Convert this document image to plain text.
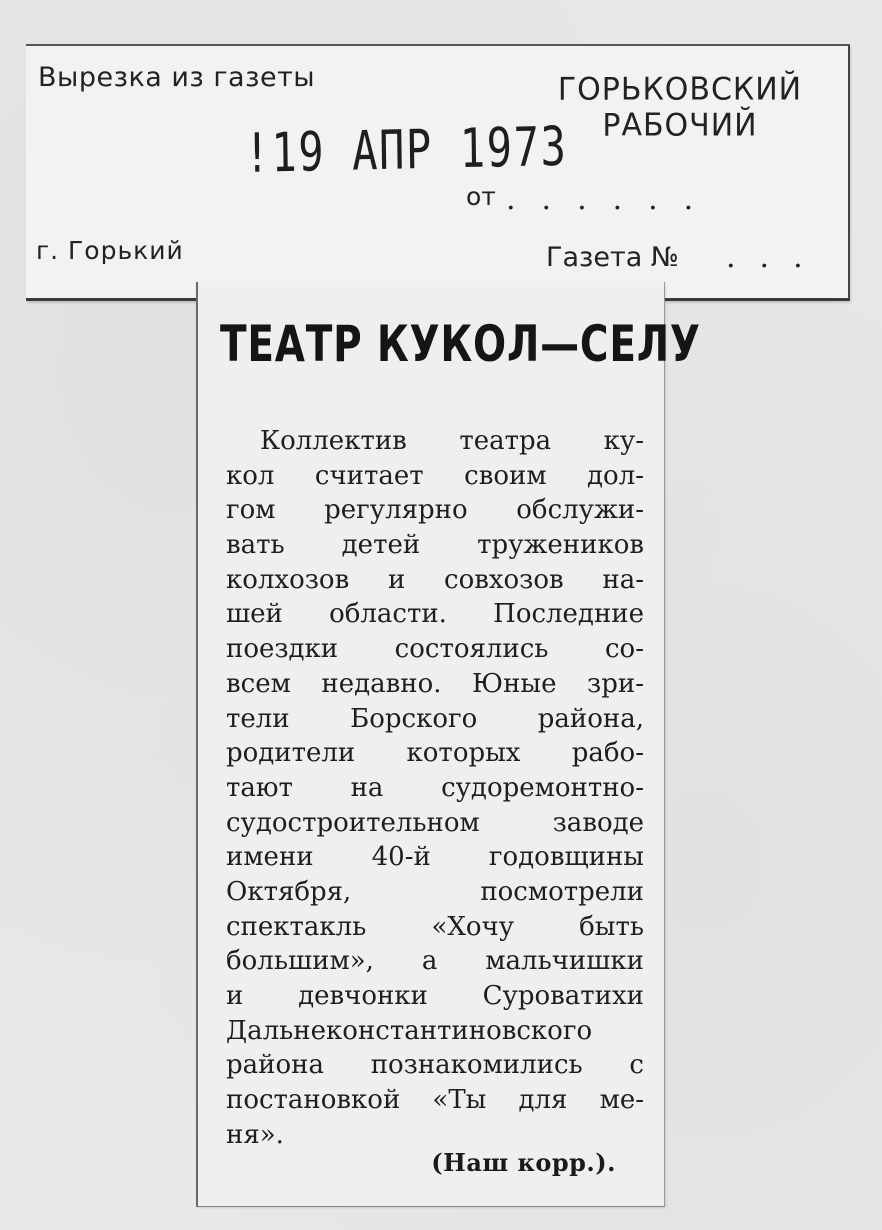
Вырезка из газеты	ГОРЬКОВСКИЙ
РАБОЧИЙ
!19 АПР 1973
от ......
г. Горький	Газета № ...
ТЕАТР КУКОЛ—СЕЛУ
Коллектив театра ку-
кол считает своим дол-
гом регулярно обслужи-
вать детей тружеников
колхозов и совхозов на-
шей области. Последние
поездки состоялись со-
всем недавно. Юные зри-
тели Борского района,
родители которых рабо-
тают на судоремонтно-
судостроительном заводе
имени 40-й годовщины
Октября, посмотрели
спектакль «Хочу быть
большим», а мальчишки
и девчонки Суроватихи
Дальнеконстантиновского
района познакомились с
постановкой «Ты для ме-
ня».
(Наш корр.).
